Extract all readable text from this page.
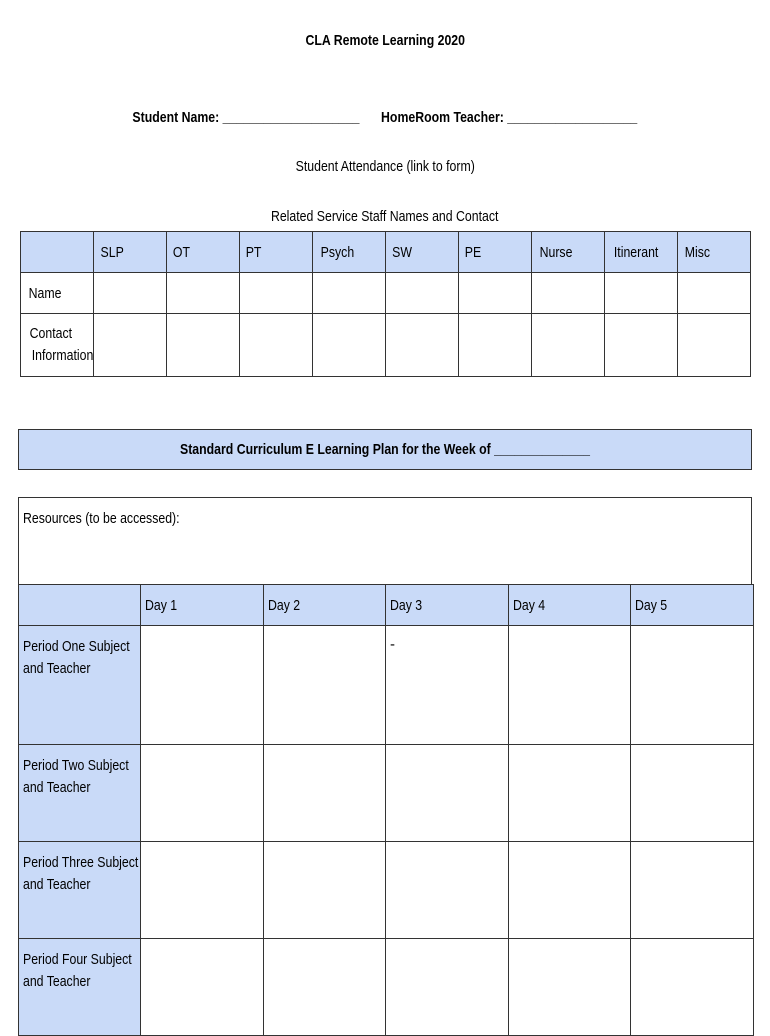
CLA Remote Learning 2020
Student Name: ____________________ HomeRoom Teacher: ___________________
Student Attendance (link to form)
Related Service Staff Names and Contact
	SLP	OT	PT	Psych	SW	PE	Nurse	Itinerant	Misc
Name									
Contact
Information									
Standard Curriculum E Learning Plan for the Week of ______________
Resources (to be accessed):
	Day 1	Day 2	Day 3	Day 4	Day 5
Period One Subject
and Teacher			-		
Period Two Subject
and Teacher					
Period Three Subject
and Teacher					
Period Four Subject
and Teacher					
